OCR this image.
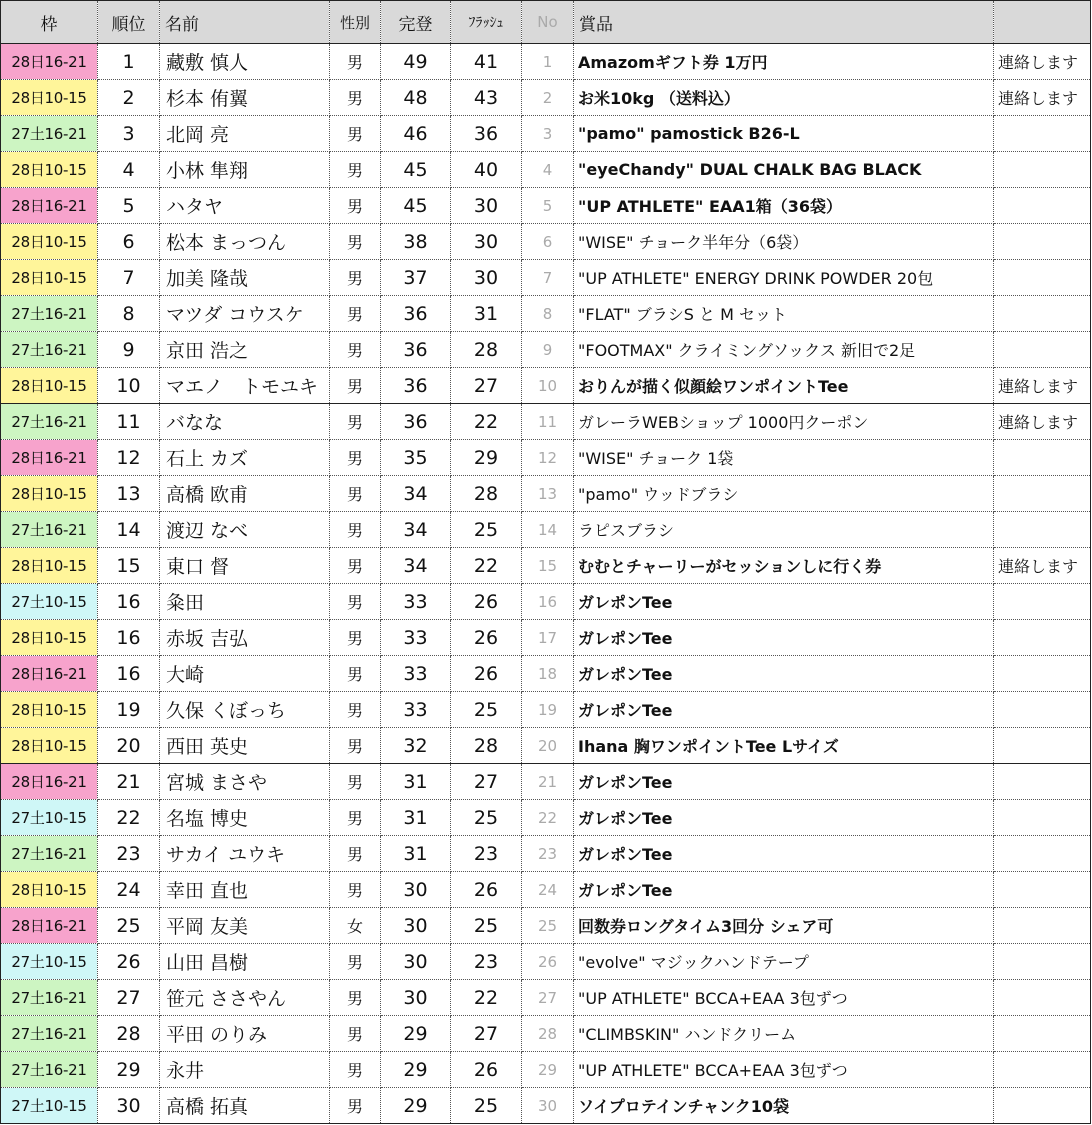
枠	順位	名前	性別	完登	ﾌﾗｯｼｭ	No	賞品	
28日16-21	1	藏敷 慎人	男	49	41	1	Amazomギフト券 1万円	連絡します
28日10-15	2	杉本 侑翼	男	48	43	2	お米10kg （送料込）	連絡します
27土16-21	3	北岡 亮	男	46	36	3	"pamo" pamostick B26-L	
28日10-15	4	小林 隼翔	男	45	40	4	"eyeChandy" DUAL CHALK BAG BLACK	
28日16-21	5	ハタヤ	男	45	30	5	"UP ATHLETE" EAA1箱（36袋）	
28日10-15	6	松本 まっつん	男	38	30	6	"WISE" チョーク半年分（6袋）	
28日10-15	7	加美 隆哉	男	37	30	7	"UP ATHLETE" ENERGY DRINK POWDER 20包	
27土16-21	8	マツダ コウスケ	男	36	31	8	"FLAT" ブラシS と M セット	
27土16-21	9	京田 浩之	男	36	28	9	"FOOTMAX" クライミングソックス 新旧で2足	
28日10-15	10	マエノ　トモユキ	男	36	27	10	おりんが描く似顔絵ワンポイントTee	連絡します
27土16-21	11	バなな	男	36	22	11	ガレーラWEBショップ 1000円クーポン	連絡します
28日16-21	12	石上 カズ	男	35	29	12	"WISE" チョーク 1袋	
28日10-15	13	高橋 欧甫	男	34	28	13	"pamo" ウッドブラシ	
27土16-21	14	渡辺 なべ	男	34	25	14	ラピスブラシ	
28日10-15	15	東口 督	男	34	22	15	むむとチャーリーがセッションしに行く券	連絡します
27土10-15	16	粂田	男	33	26	16	ガレポンTee	
28日10-15	16	赤坂 吉弘	男	33	26	17	ガレポンTee	
28日16-21	16	大崎	男	33	26	18	ガレポンTee	
28日10-15	19	久保 くぼっち	男	33	25	19	ガレポンTee	
28日10-15	20	西田 英史	男	32	28	20	Ihana 胸ワンポイントTee Lサイズ	
28日16-21	21	宮城 まさや	男	31	27	21	ガレポンTee	
27土10-15	22	名塩 博史	男	31	25	22	ガレポンTee	
27土16-21	23	サカイ ユウキ	男	31	23	23	ガレポンTee	
28日10-15	24	幸田 直也	男	30	26	24	ガレポンTee	
28日16-21	25	平岡 友美	女	30	25	25	回数券ロングタイム3回分 シェア可	
27土10-15	26	山田 昌樹	男	30	23	26	"evolve" マジックハンドテープ	
27土16-21	27	笹元 ささやん	男	30	22	27	"UP ATHLETE" BCCA+EAA 3包ずつ	
27土16-21	28	平田 のりみ	男	29	27	28	"CLIMBSKIN" ハンドクリーム	
27土16-21	29	永井	男	29	26	29	"UP ATHLETE" BCCA+EAA 3包ずつ	
27土10-15	30	高橋 拓真	男	29	25	30	ソイプロテインチャンク10袋	
